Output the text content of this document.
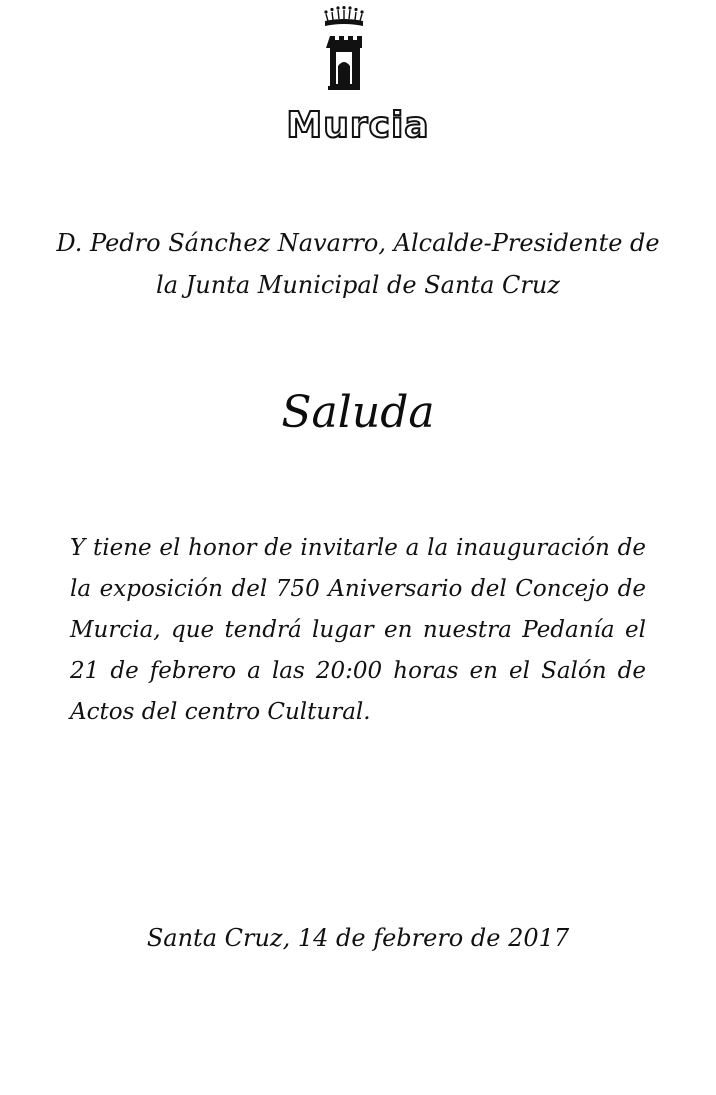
Murcia
D. Pedro Sánchez Navarro, Alcalde-Presidente de
la Junta Municipal de Santa Cruz
Saluda
Y tiene el honor de invitarle a la inauguración de la exposición del 750 Aniversario del Concejo de Murcia, que tendrá lugar en nuestra Pedanía el 21 de febrero a las 20:00 horas en el Salón de Actos del centro Cultural.
Santa Cruz, 14 de febrero de 2017
